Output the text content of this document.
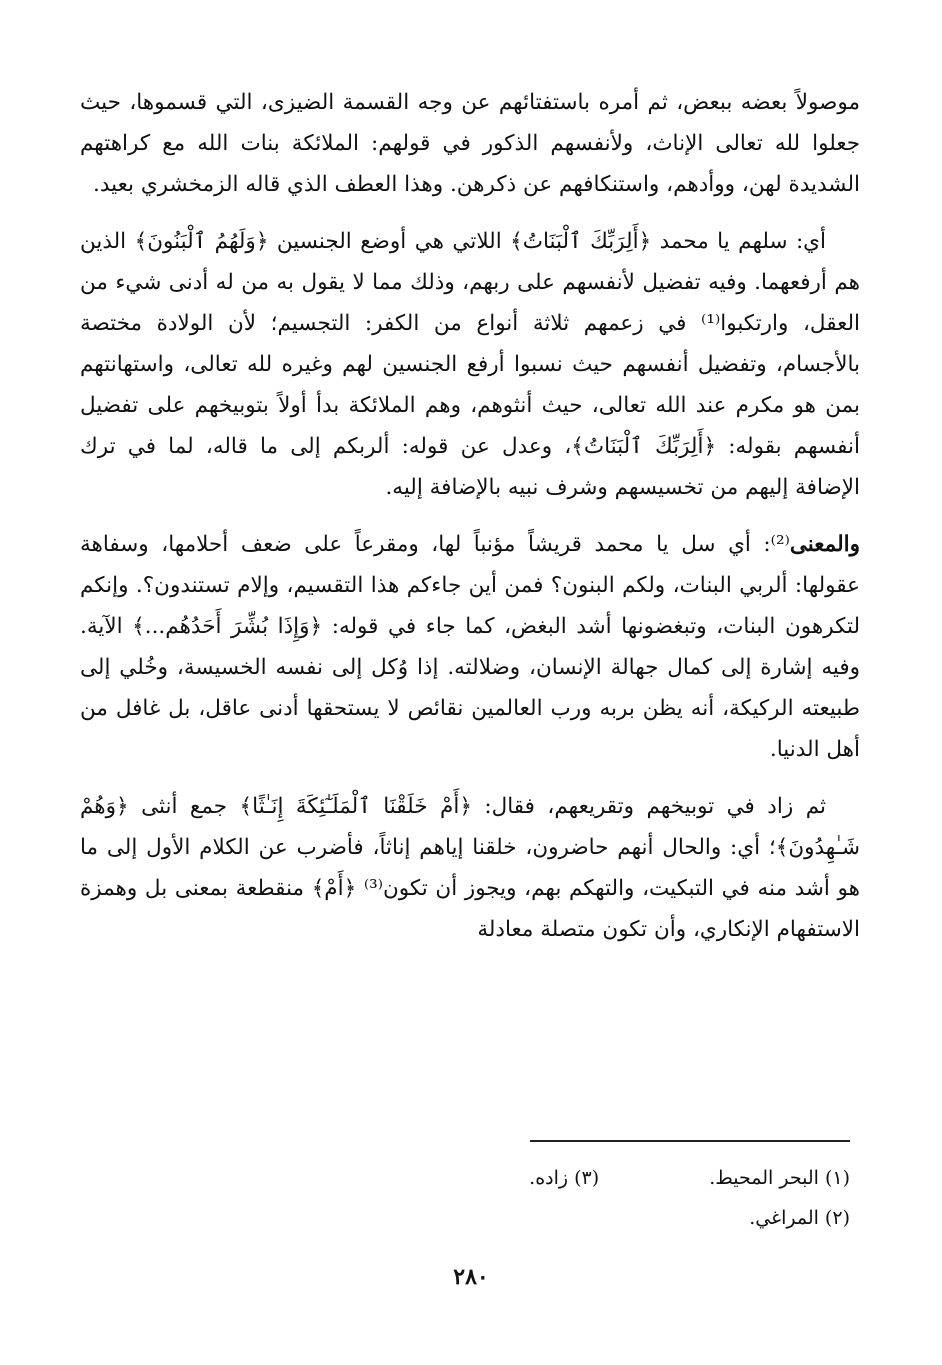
موصولاً بعضه ببعض، ثم أمره باستفتائهم عن وجه القسمة الضيزى، التي قسموها، حيث جعلوا لله تعالى الإناث، ولأنفسهم الذكور في قولهم: الملائكة بنات الله مع كراهتهم الشديدة لهن، ووأدهم، واستنكافهم عن ذكرهن. وهذا العطف الذي قاله الزمخشري بعيد.

أي: سلهم يا محمد ﴿أَلِرَبِّكَ ٱلْبَنَاتُ﴾ اللاتي هي أوضع الجنسين ﴿وَلَهُمُ ٱلْبَنُونَ﴾ الذين هم أرفعهما. وفيه تفضيل لأنفسهم على ربهم، وذلك مما لا يقول به من له أدنى شيء من العقل، وارتكبوا⁽¹⁾ في زعمهم ثلاثة أنواع من الكفر: التجسيم؛ لأن الولادة مختصة بالأجسام، وتفضيل أنفسهم حيث نسبوا أرفع الجنسين لهم وغيره لله تعالى، واستهانتهم بمن هو مكرم عند الله تعالى، حيث أنثوهم، وهم الملائكة بدأ أولاً بتوبيخهم على تفضيل أنفسهم بقوله: ﴿أَلِرَبِّكَ ٱلْبَنَاتُ﴾، وعدل عن قوله: ألربكم إلى ما قاله، لما في ترك الإضافة إليهم من تخسيسهم وشرف نبيه بالإضافة إليه.

والمعنى⁽²⁾: أي سل يا محمد قريشاً مؤنباً لها، ومقرعاً على ضعف أحلامها، وسفاهة عقولها: ألربي البنات، ولكم البنون؟ فمن أين جاءكم هذا التقسيم، وإلام تستندون؟. وإنكم لتكرهون البنات، وتبغضونها أشد البغض، كما جاء في قوله: ﴿وَإِذَا بُشِّرَ أَحَدُهُم...﴾ الآية. وفيه إشارة إلى كمال جهالة الإنسان، وضلالته. إذا وُكل إلى نفسه الخسيسة، وخُلي إلى طبيعته الركيكة، أنه يظن بربه ورب العالمين نقائص لا يستحقها أدنى عاقل، بل غافل من أهل الدنيا.

ثم زاد في توبيخهم وتقريعهم، فقال: ﴿أَمْ خَلَقْنَا ٱلْمَلَـٰٓئِكَةَ إِنَـٰثًا﴾ جمع أنثى ﴿وَهُمْ شَـٰهِدُونَ﴾؛ أي: والحال أنهم حاضرون، خلقنا إياهم إناثاً، فأضرب عن الكلام الأول إلى ما هو أشد منه في التبكيت، والتهكم بهم، ويجوز أن تكون⁽³⁾ ﴿أَمْ﴾ منقطعة بمعنى بل وهمزة الاستفهام الإنكاري، وأن تكون متصلة معادلة

(١) البحر المحيط.
(٣) زاده.
(٢) المراغي.
٢٨٠
